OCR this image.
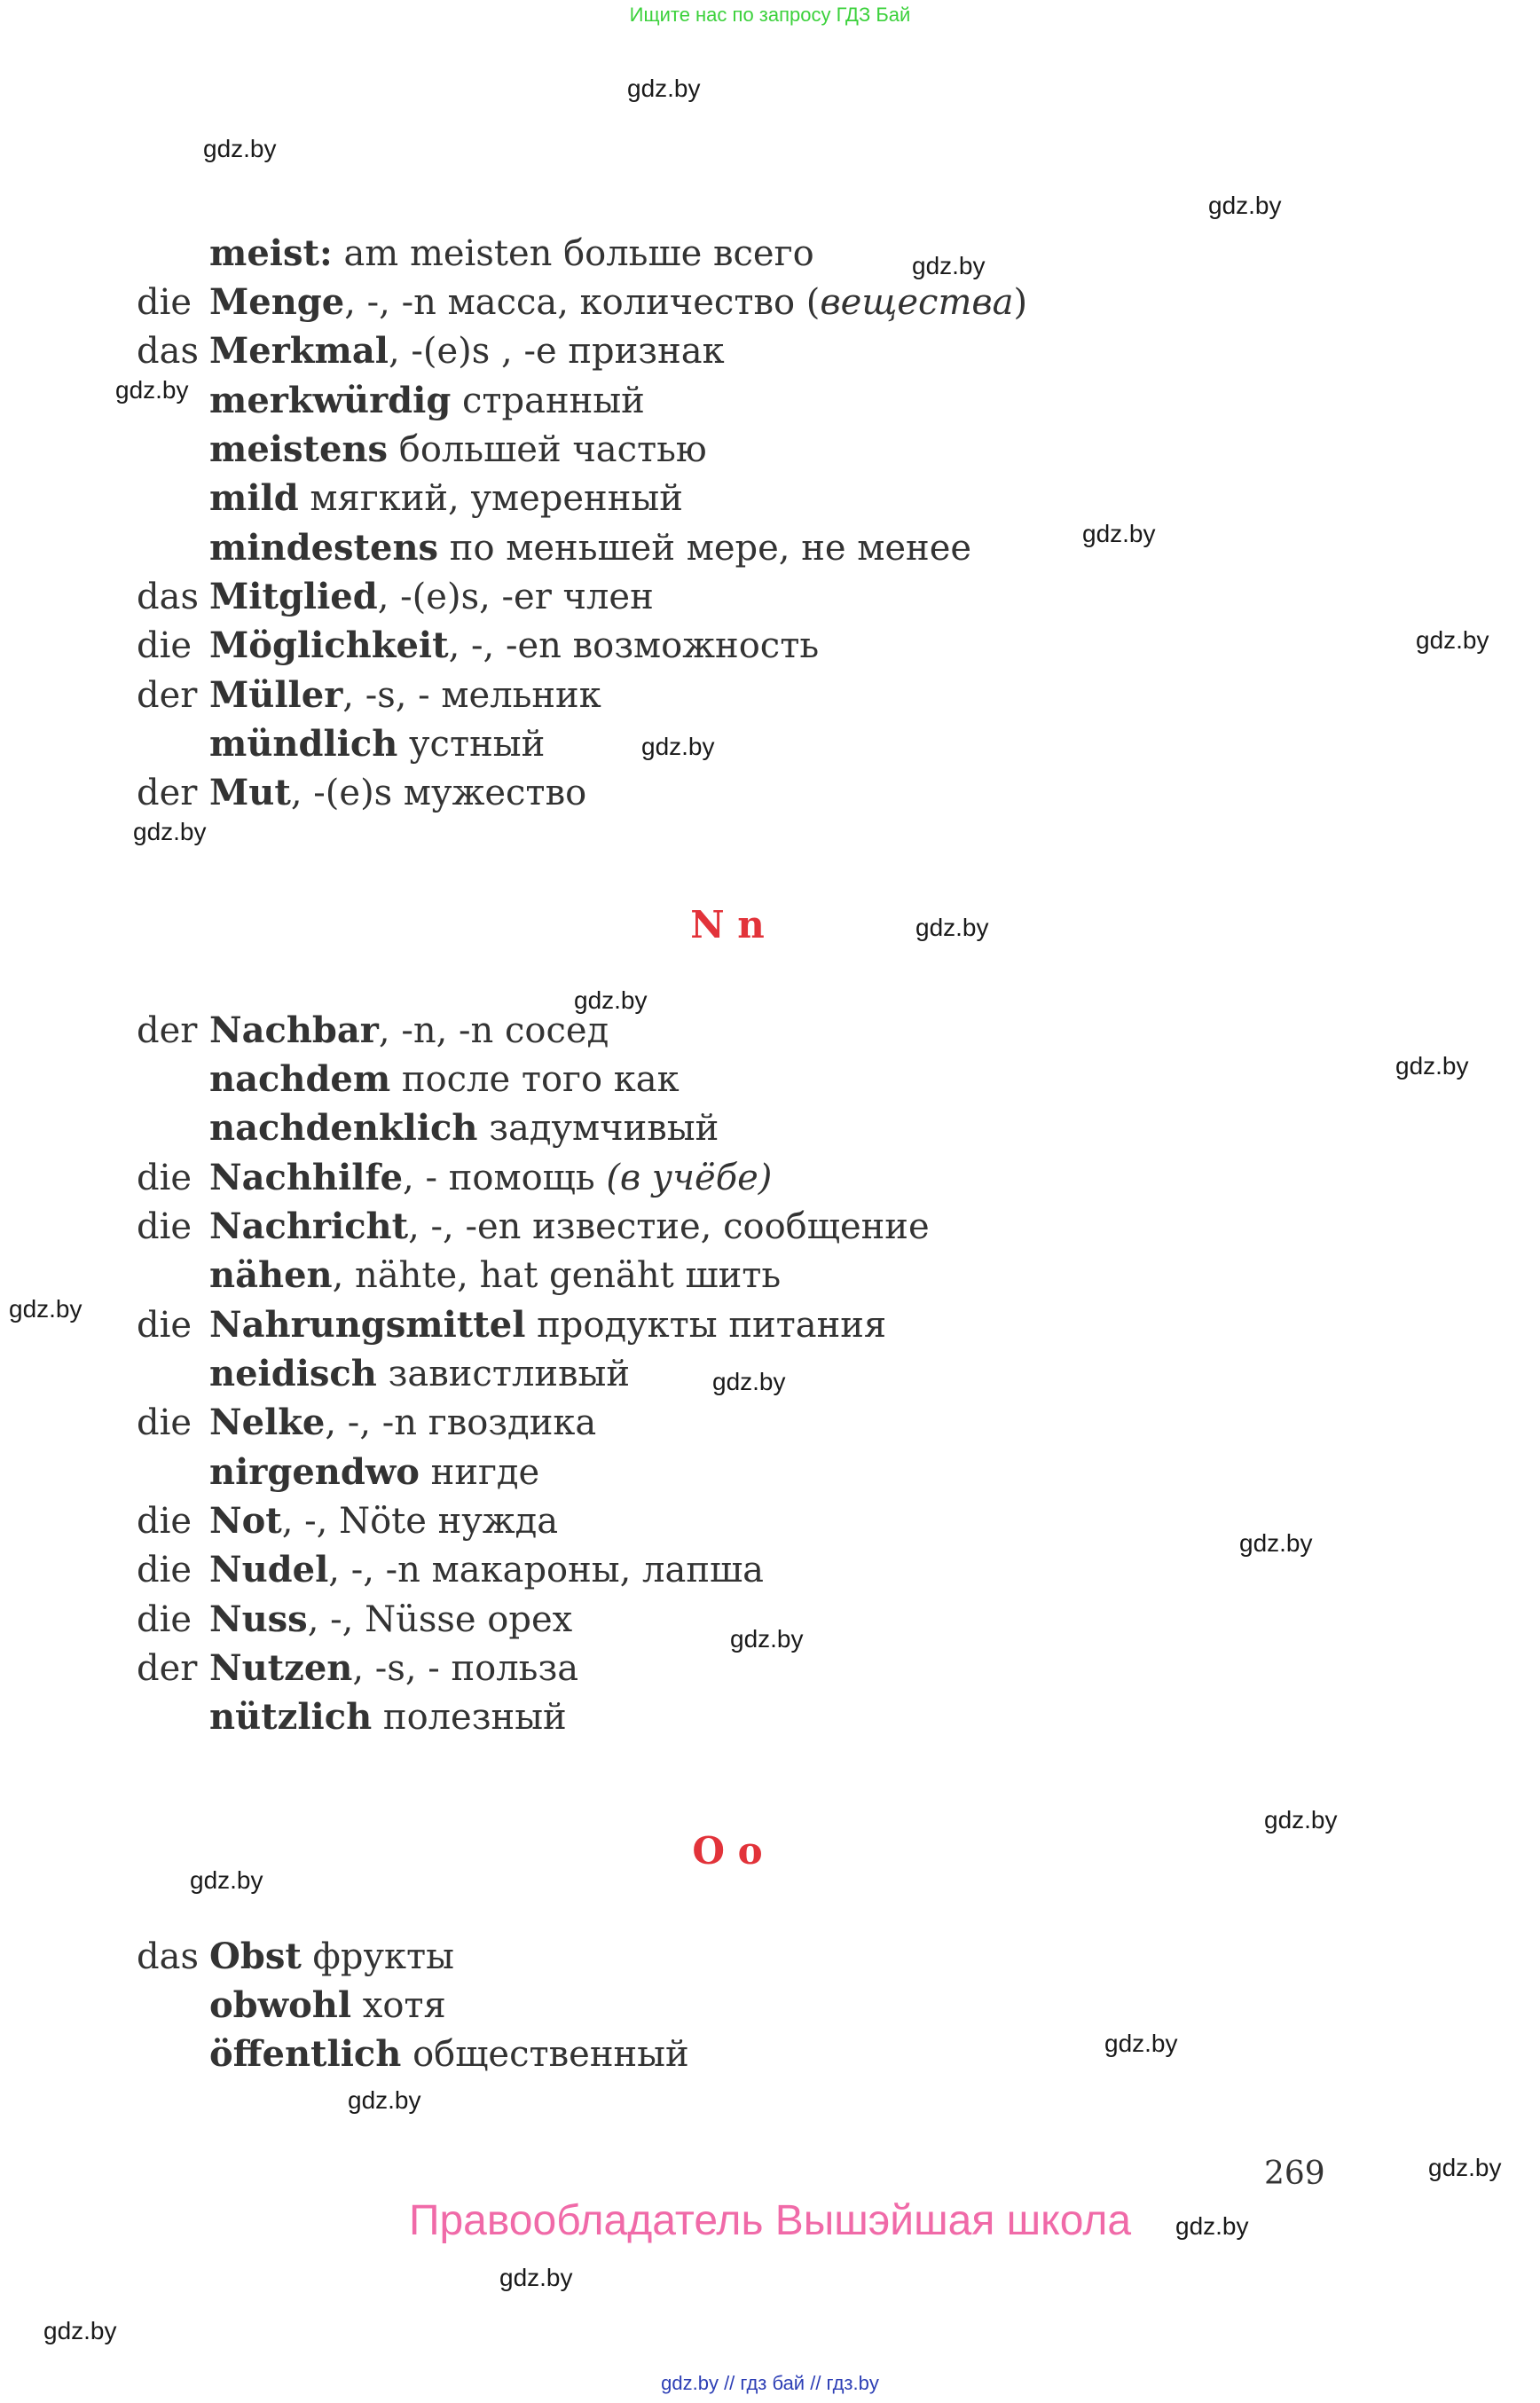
Ищите нас по запросу ГДЗ Бай
gdz.by
gdz.by
gdz.by
gdz.by
gdz.by
gdz.by
gdz.by
gdz.by
gdz.by
gdz.by
gdz.by
gdz.by
gdz.by
gdz.by
gdz.by
gdz.by
gdz.by
gdz.by
gdz.by
gdz.by
gdz.by
gdz.by
gdz.by
gdz.by
meist: am meisten больше всего
die Menge, -, -n масса, количество (вещества)
das Merkmal, -(e)s , -e признак
merkwürdig странный
meistens большей частью
mild мягкий, умеренный
mindestens по меньшей мере, не менее
das Mitglied, -(e)s, -er член
die Möglichkeit, -, -en возможность
der Müller, -s, - мельник
mündlich устный
der Mut, -(e)s мужество
N n
der Nachbar, -n, -n сосед
nachdem после того как
nachdenklich задумчивый
die Nachhilfe, - помощь (в учёбе)
die Nachricht, -, -en известие, сообщение
nähen, nähte, hat genäht шить
die Nahrungsmittel продукты питания
neidisch завистливый
die Nelke, -, -n гвоздика
nirgendwo нигде
die Not, -, Nöte нужда
die Nudel, -, -n макароны, лапша
die Nuss, -, Nüsse орех
der Nutzen, -s, - польза
nützlich полезный
O o
das Obst фрукты
obwohl хотя
öffentlich общественный
269
Правообладатель Вышэйшая школа
gdz.by // гдз бай // гдз.by
